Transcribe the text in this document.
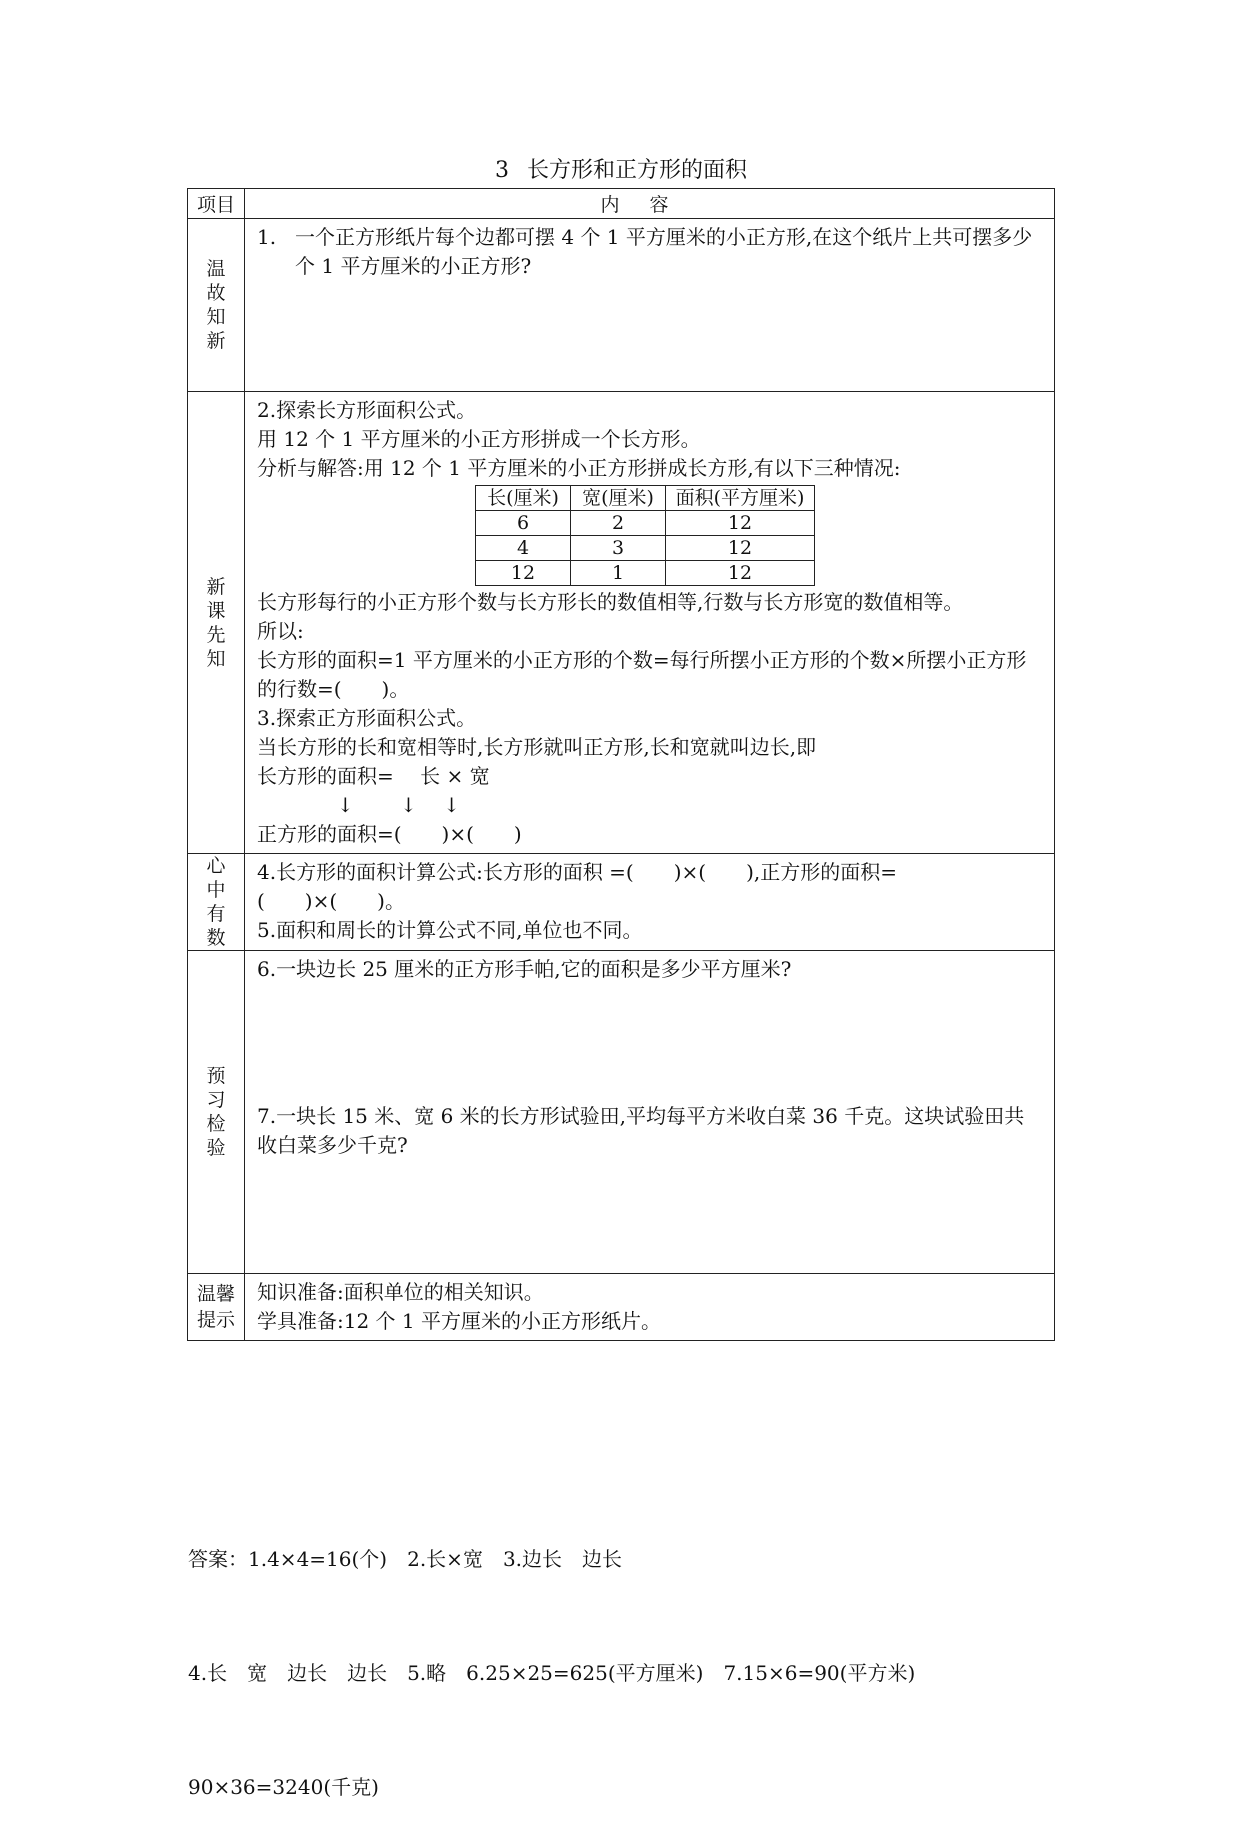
3 长方形和正方形的面积
项目	内容
温故知新	

1. 一个正方形纸片每个边都可摆 4 个 1 平方厘米的小正方形,在这个纸片上共可摆多少个 1 平方厘米的小正方形?

新课先知	

2.探索长方形面积公式。

用 12 个 1 平方厘米的小正方形拼成一个长方形。

分析与解答:用 12 个 1 平方厘米的小正方形拼成长方形,有以下三种情况:

长(厘米)	宽(厘米)	面积(平方厘米)
6	2	12
4	3	12
12	1	12

长方形每行的小正方形个数与长方形长的数值相等,行数与长方形宽的数值相等。

所以:

长方形的面积=1 平方厘米的小正方形的个数=每行所摆小正方形的个数×所摆小正方形的行数=(　　)。

3.探索正方形面积公式。

当长方形的长和宽相等时,长方形就叫正方形,长和宽就叫边长,即

长方形的面积=　 长 × 宽

　　　　↓　　 ↓　 ↓

正方形的面积=(　　)×(　　)

心中有数	

4.长方形的面积计算公式:长方形的面积 =(　　)×(　　),正方形的面积=(　　)×(　　)。

5.面积和周长的计算公式不同,单位也不同。

预习检验	

6.一块边长 25 厘米的正方形手帕,它的面积是多少平方厘米?

7.一块长 15 米、宽 6 米的长方形试验田,平均每平方米收白菜 36 千克。这块试验田共收白菜多少千克?

温馨提示	

知识准备:面积单位的相关知识。

学具准备:12 个 1 平方厘米的小正方形纸片。

答案：1.4×4=16(个)　2.长×宽　3.边长　边长

4.长　宽　边长　边长　5.略　6.25×25=625(平方厘米)　7.15×6=90(平方米)

90×36=3240(千克)
